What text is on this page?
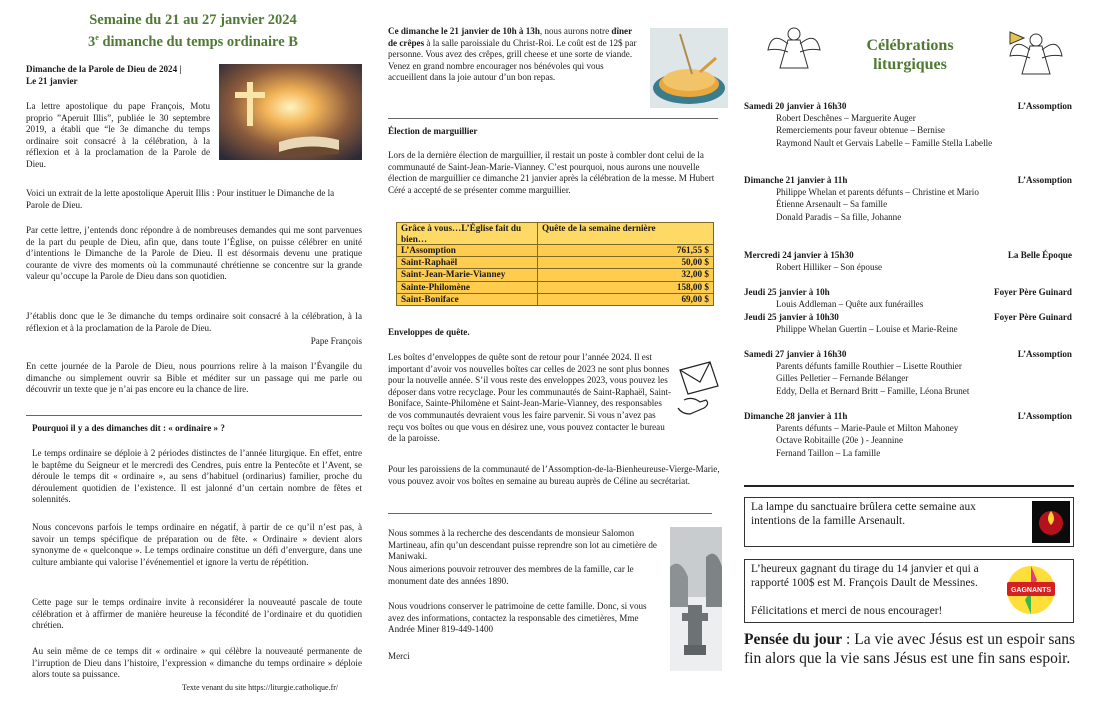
Semaine du 21 au 27 janvier 2024

3e dimanche du temps ordinaire B

Dimanche de la Parole de Dieu de 2024 |

Le 21 janvier

La lettre apostolique du pape François, Motu proprio ”Aperuit Illis”, publiée le 30 septembre 2019, a établi que “le 3e dimanche du temps ordinaire soit consacré à la célébration, à la réflexion et à la proclamation de la Parole de Dieu.

Voici un extrait de la lette apostolique Aperuit Illis : Pour instituer le Dimanche de la Parole de Dieu.

Par cette lettre, j’entends donc répondre à de nombreuses demandes qui me sont parvenues de la part du peuple de Dieu, afin que, dans toute l’Église, on puisse célébrer en unité d’intentions le Dimanche de la Parole de Dieu. Il est désormais devenu une pratique courante de vivre des moments où la communauté chrétienne se concentre sur la grande valeur qu’occupe la Parole de Dieu dans son quotidien.

J’établis donc que le 3e dimanche du temps ordinaire soit consacré à la célébration, à la réflexion et à la proclamation de la Parole de Dieu.

Pape François

En cette journée de la Parole de Dieu, nous pourrions relire à la maison l’Évangile du dimanche ou simplement ouvrir sa Bible et méditer sur un passage qui me parle ou découvrir un texte que je n’ai pas encore eu la chance de lire.

Pourquoi il y a des dimanches dit : « ordinaire » ?

Le temps ordinaire se déploie à 2 périodes distinctes de l’année liturgique. En effet, entre le baptême du Seigneur et le mercredi des Cendres, puis entre la Pentecôte et l’Avent, se déroule le temps dit « ordinaire », au sens d’habituel (ordinarius) familier, proche du déroulement quotidien de l’existence. Il est jalonné d’un certain nombre de fêtes et solennités.

Nous concevons parfois le temps ordinaire en négatif, à partir de ce qu’il n’est pas, à savoir un temps spécifique de préparation ou de fête. « Ordinaire » devient alors synonyme de « quelconque ». Le temps ordinaire constitue un défi d’envergure, dans une culture ambiante qui valorise l’événementiel et ignore la vertu de répétition.

Cette page sur le temps ordinaire invite à reconsidérer la nouveauté pascale de toute célébration et à affirmer de manière heureuse la fécondité de l’ordinaire et du quotidien chrétien.

Au sein même de ce temps dit « ordinaire » qui célèbre la nouveauté permanente de l’irruption de Dieu dans l’histoire, l’expression « dimanche du temps ordinaire » déploie alors toute sa puissance.

Texte venant du site https://liturgie.catholique.fr/

Ce dimanche le 21 janvier de 10h à 13h, nous aurons notre dîner de crêpes à la salle paroissiale du Christ-Roi. Le coût est de 12$ par personne. Vous avez des crêpes, grill cheese et une sorte de viande. Venez en grand nombre encourager nos bénévoles qui vous accueillent dans la joie autour d’un bon repas.

Élection de marguillier

Lors de la dernière élection de marguillier, il restait un poste à combler dont celui de la communauté de Saint-Jean-Marie-Vianney. C’est pourquoi, nous aurons une nouvelle élection de marguillier ce dimanche 21 janvier après la célébration de la messe. M Hubert Céré a accepté de se présenter comme marguillier.

Grâce à vous…L’Église fait du bien…	Quête de la semaine dernière
L’Assomption	761,55 $
Saint-Raphaël	50,00 $
Saint-Jean-Marie-Vianney	32,00 $
Sainte-Philomène	158,00 $
Saint-Boniface	69,00 $

Enveloppes de quête.

Les boîtes d’enveloppes de quête sont de retour pour l’année 2024. Il est important d’avoir vos nouvelles boîtes car celles de 2023 ne sont plus bonnes pour la nouvelle année. S’il vous reste des enveloppes 2023, vous pouvez les déposer dans votre recyclage. Pour les communautés de Saint-Raphaël, Saint-Boniface, Sainte-Philomène et Saint-Jean-Marie-Vianney, des responsables de vos communautés devraient vous les faire parvenir. Si vous n’avez pas reçu vos boîtes ou que vous en désirez une, vous pouvez contacter le bureau de la paroisse.

Pour les paroissiens de la communauté de l’Assomption-de-la-Bienheureuse-Vierge-Marie, vous pouvez avoir vos boîtes en semaine au bureau auprès de Céline au secrétariat.

Nous sommes à la recherche des descendants de monsieur Salomon Martineau, afin qu’un descendant puisse reprendre son lot au cimetière de Maniwaki.

Nous aimerions pouvoir retrouver des membres de la famille, car le monument date des années 1890.

Nous voudrions conserver le patrimoine de cette famille. Donc, si vous avez des informations, contactez la responsable des cimetières, Mme Andrée Miner 819-449-1400

Merci

Célébrations
liturgiques

Samedi 20 janvier à 16h30	L’Assomption
Robert Deschênes – Marguerite Auger
Remerciements pour faveur obtenue – Bernise
Raymond Nault et Gervais Labelle – Famille Stella Labelle
Dimanche 21 janvier à 11h	L’Assomption
Philippe Whelan et parents défunts – Christine et Mario
Étienne Arsenault – Sa famille
Donald Paradis – Sa fille, Johanne
Mercredi 24 janvier à 15h30	La Belle Époque
Robert Hilliker – Son épouse
Jeudi 25 janvier à 10h	Foyer Père Guinard
Louis Addleman – Quête aux funérailles
Jeudi 25 janvier à 10h30	Foyer Père Guinard
Philippe Whelan Guertin – Louise et Marie-Reine
Samedi 27 janvier à 16h30	L’Assomption
Parents défunts famille Routhier – Lisette Routhier
Gilles Pelletier – Fernande Bélanger
Eddy, Della et Bernard Britt – Famille, Léona Brunet
Dimanche 28 janvier à 11h	L’Assomption
Parents défunts – Marie-Paule et Milton Mahoney
Octave Robitaille (20e ) - Jeannine
Fernand Taillon – La famille

La lampe du sanctuaire brûlera cette semaine aux intentions de la famille Arsenault.

L’heureux gagnant du tirage du 14 janvier et qui a rapporté 100$ est M. François Dault de Messines.

Félicitations et merci de nous encourager!

GAGNANTS

Pensée du jour : La vie avec Jésus est un espoir sans fin alors que la vie sans Jésus est une fin sans espoir.
